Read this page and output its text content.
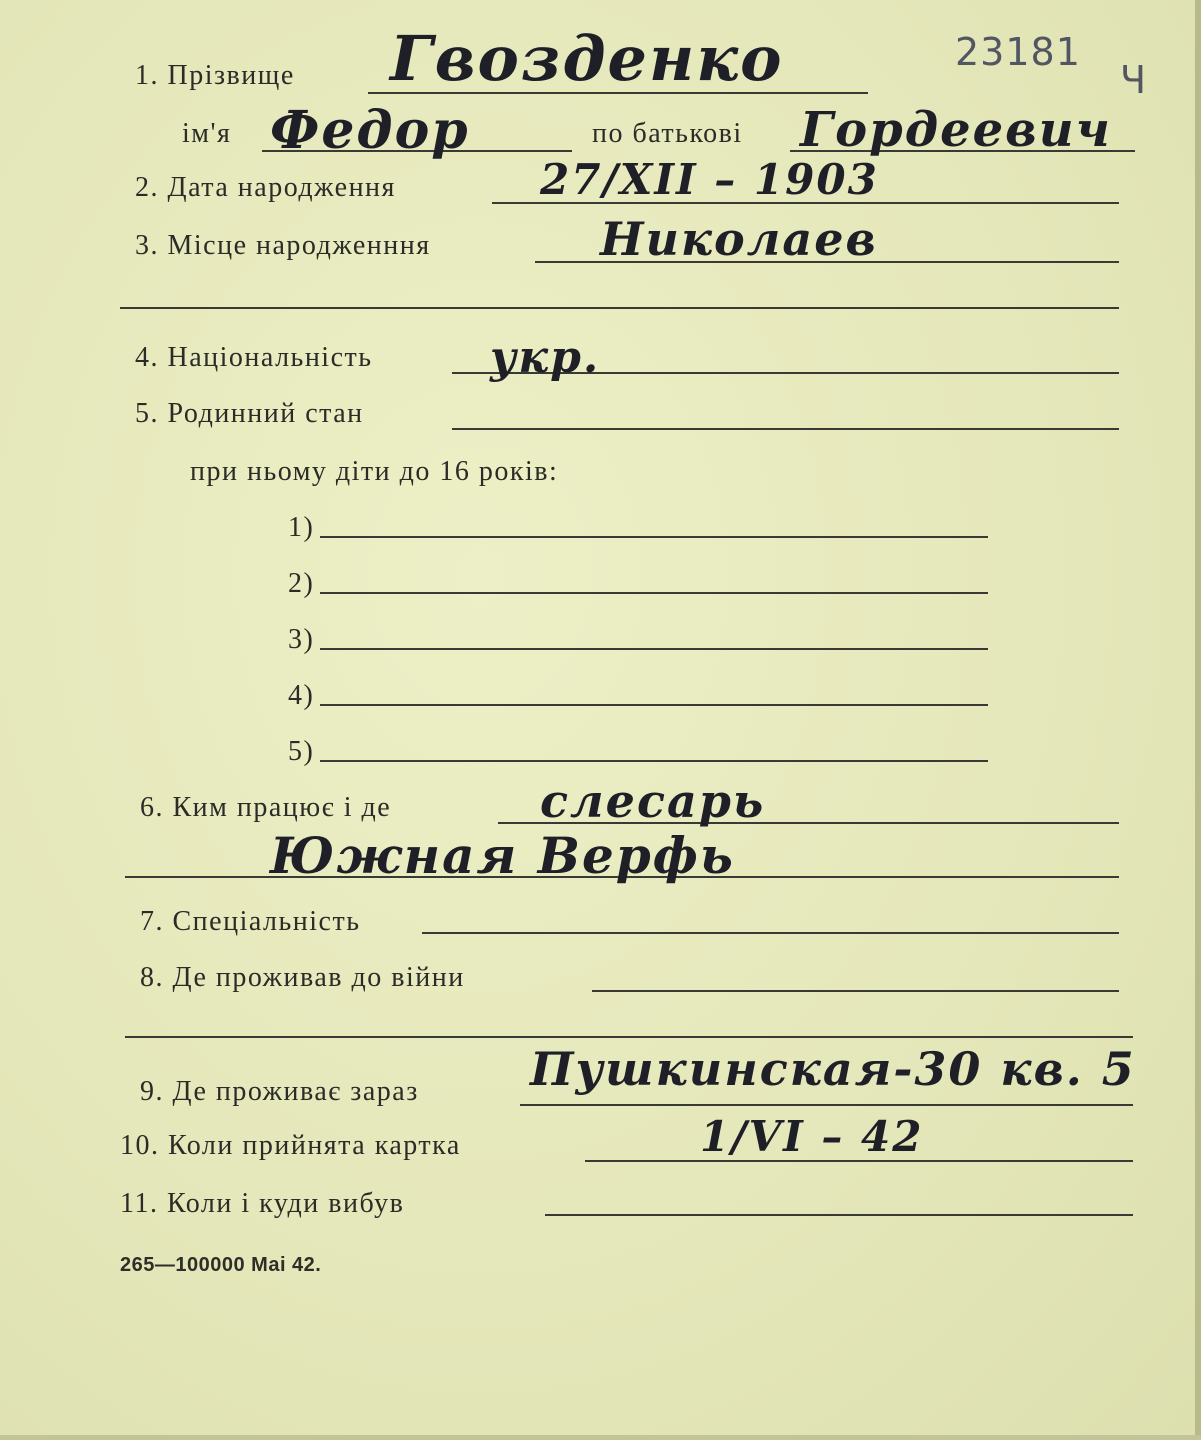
23181
Ч
1. Прізвище Гвозденко
ім'я Федор	по батькові Гордеевич
2. Дата народження	27/XII – 1903
3. Місце народженння	Николаев
4. Національність	укр.
5. Родинний стан
при ньому діти до 16 років:
1)
2)
3)
4)
5)
6. Ким працює і де	слесарь
Южная Верфь
7. Спеціальність
8. Де проживав до війни
9. Де проживає зараз Пушкинская-30 кв. 5
10. Коли прийнята картка	1/VI – 42
11. Коли і куди вибув
265—100000 Mai 42.
